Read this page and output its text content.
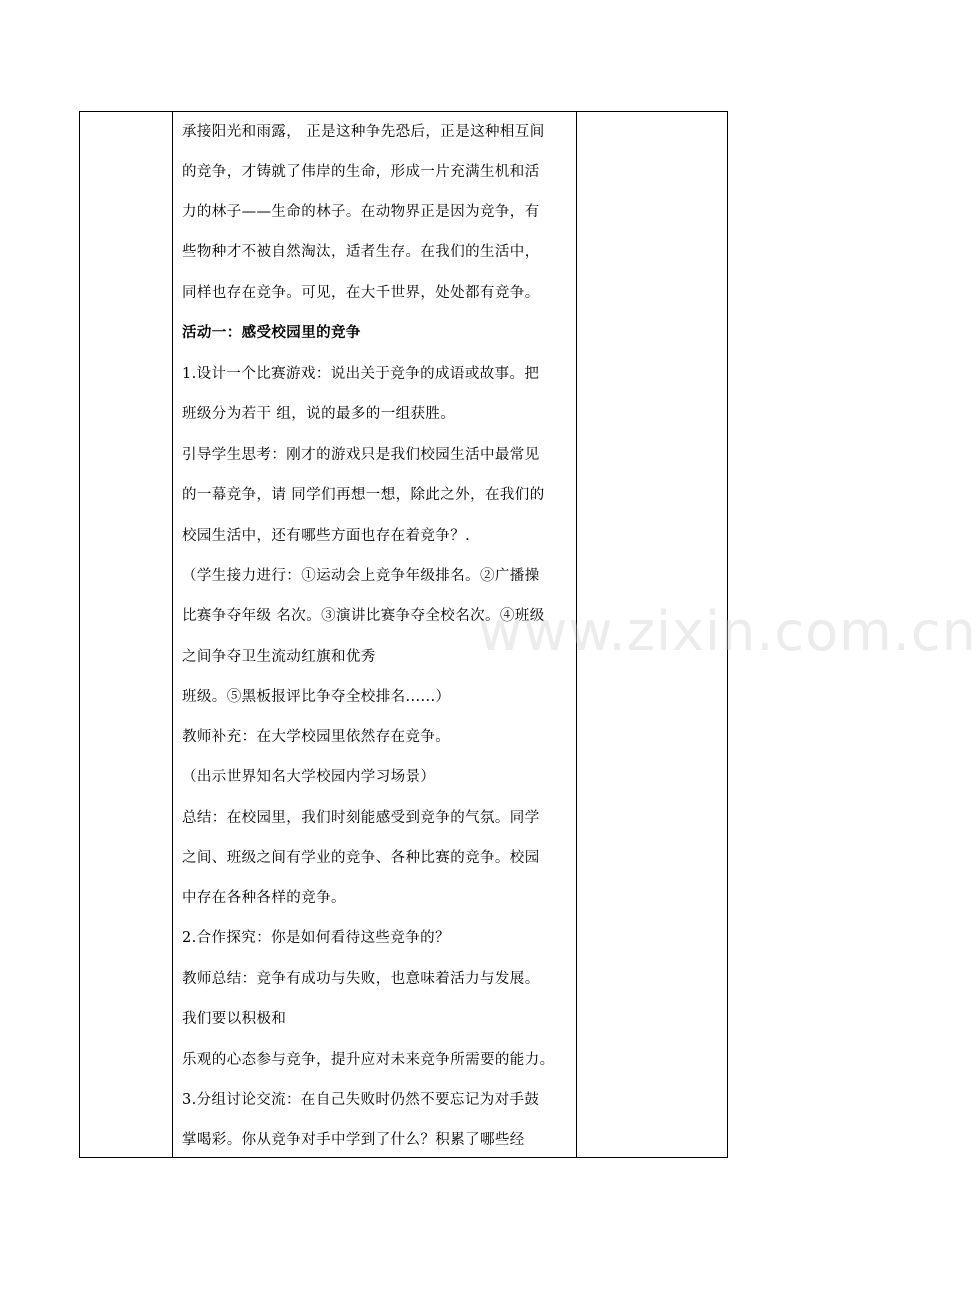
承接阳光和雨露， 正是这种争先恐后，正是这种相互间
的竞争，才铸就了伟岸的生命，形成一片充满生机和活
力的林子——生命的林子。在动物界正是因为竞争，有
些物种才不被自然淘汰，适者生存。在我们的生活中，
同样也存在竞争。可见，在大千世界，处处都有竞争。
活动一：感受校园里的竞争
1.设计一个比赛游戏：说出关于竞争的成语或故事。把
班级分为若干 组，说的最多的一组获胜。
引导学生思考：刚才的游戏只是我们校园生活中最常见
的一幕竞争，请 同学们再想一想，除此之外，在我们的
校园生活中，还有哪些方面也存在着竞争？.
（学生接力进行：①运动会上竞争年级排名。②广播操
比赛争夺年级 名次。③演讲比赛争夺全校名次。④班级
之间争夺卫生流动红旗和优秀
班级。⑤黑板报评比争夺全校排名......）
教师补充：在大学校园里依然存在竞争。
（出示世界知名大学校园内学习场景）
总结：在校园里，我们时刻能感受到竞争的气氛。同学
之间、班级之间有学业的竞争、各种比赛的竞争。校园
中存在各种各样的竞争。
2.合作探究：你是如何看待这些竞争的？
教师总结：竞争有成功与失败，也意味着活力与发展。
我们要以积极和
乐观的心态参与竞争，提升应对未来竞争所需要的能力。
3.分组讨论交流：在自己失败时仍然不要忘记为对手鼓
掌喝彩。你从竞争对手中学到了什么？积累了哪些经
www.zixin.com.cn
